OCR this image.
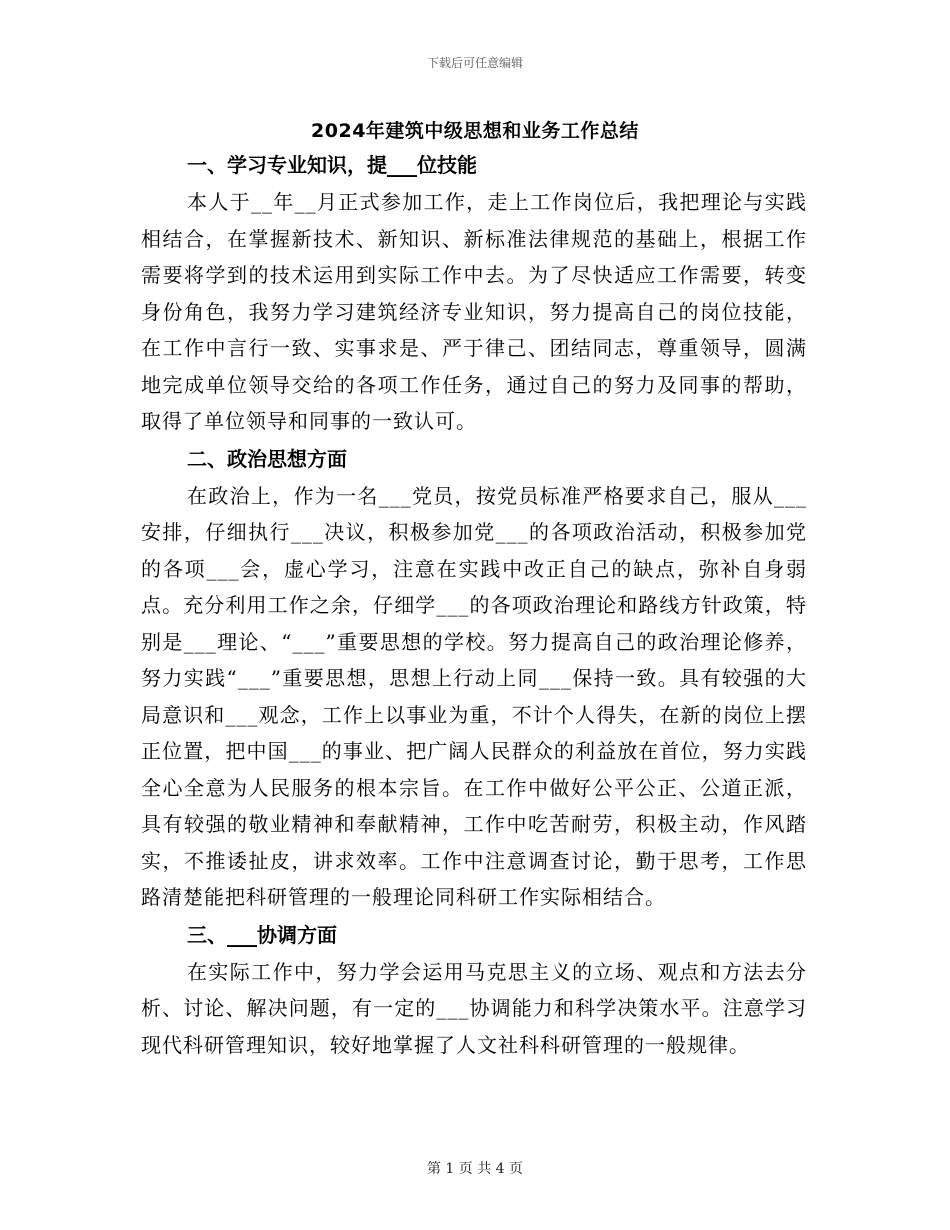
下载后可任意编辑
2024年建筑中级思想和业务工作总结
一、学习专业知识，提___位技能

本人于__年__月正式参加工作，走上工作岗位后，我把理论与实践相结合，在掌握新技术、新知识、新标准法律规范的基础上，根据工作需要将学到的技术运用到实际工作中去。为了尽快适应工作需要，转变身份角色，我努力学习建筑经济专业知识，努力提高自己的岗位技能，在工作中言行一致、实事求是、严于律己、团结同志，尊重领导，圆满地完成单位领导交给的各项工作任务，通过自己的努力及同事的帮助，取得了单位领导和同事的一致认可。

二、政治思想方面

在政治上，作为一名___党员，按党员标准严格要求自己，服从___安排，仔细执行___决议，积极参加党___的各项政治活动，积极参加党的各项___会，虚心学习，注意在实践中改正自己的缺点，弥补自身弱点。充分利用工作之余，仔细学___的各项政治理论和路线方针政策，特别是___理论、“___”重要思想的学校。努力提高自己的政治理论修养，努力实践“___”重要思想，思想上行动上同___保持一致。具有较强的大局意识和___观念，工作上以事业为重，不计个人得失，在新的岗位上摆正位置，把中国___的事业、把广阔人民群众的利益放在首位，努力实践全心全意为人民服务的根本宗旨。在工作中做好公平公正、公道正派，具有较强的敬业精神和奉献精神，工作中吃苦耐劳，积极主动，作风踏实，不推诿扯皮，讲求效率。工作中注意调查讨论，勤于思考，工作思路清楚能把科研管理的一般理论同科研工作实际相结合。

三、___协调方面

在实际工作中，努力学会运用马克思主义的立场、观点和方法去分析、讨论、解决问题，有一定的___协调能力和科学决策水平。注意学习现代科研管理知识，较好地掌握了人文社科科研管理的一般规律。

第 1 页 共 4 页
